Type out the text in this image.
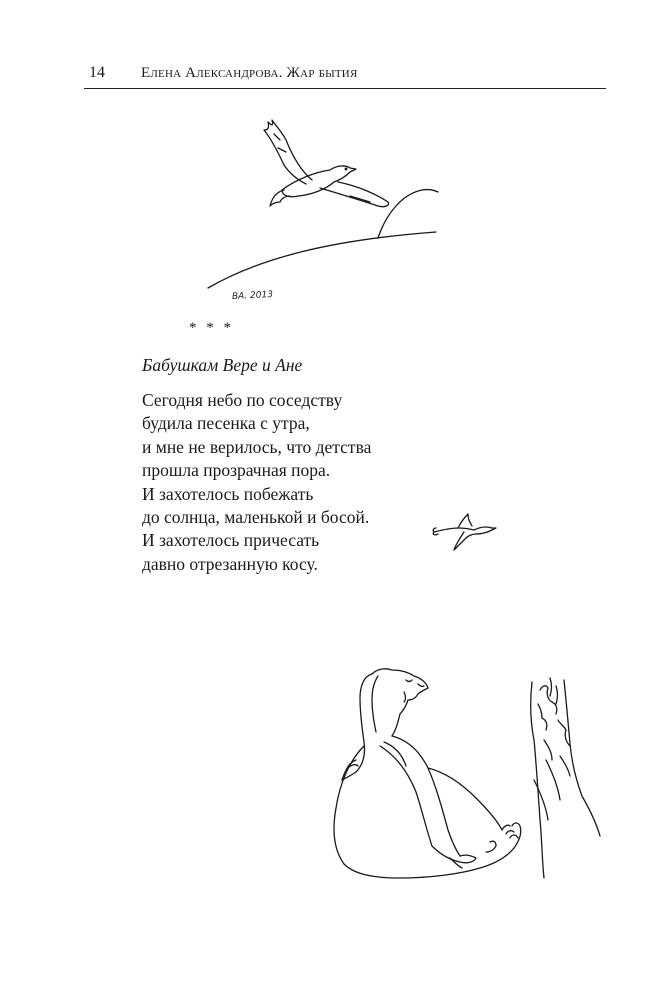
14 Елена Александрова. Жар бытия
ВА. 2013
* * *
Бабушкам Вере и Ане
Сегодня небо по соседству
будила песенка с утра,
и мне не верилось, что детства
прошла прозрачная пора.
И захотелось побежать
до солнца, маленькой и босой.
И захотелось причесать
давно отрезанную косу.
